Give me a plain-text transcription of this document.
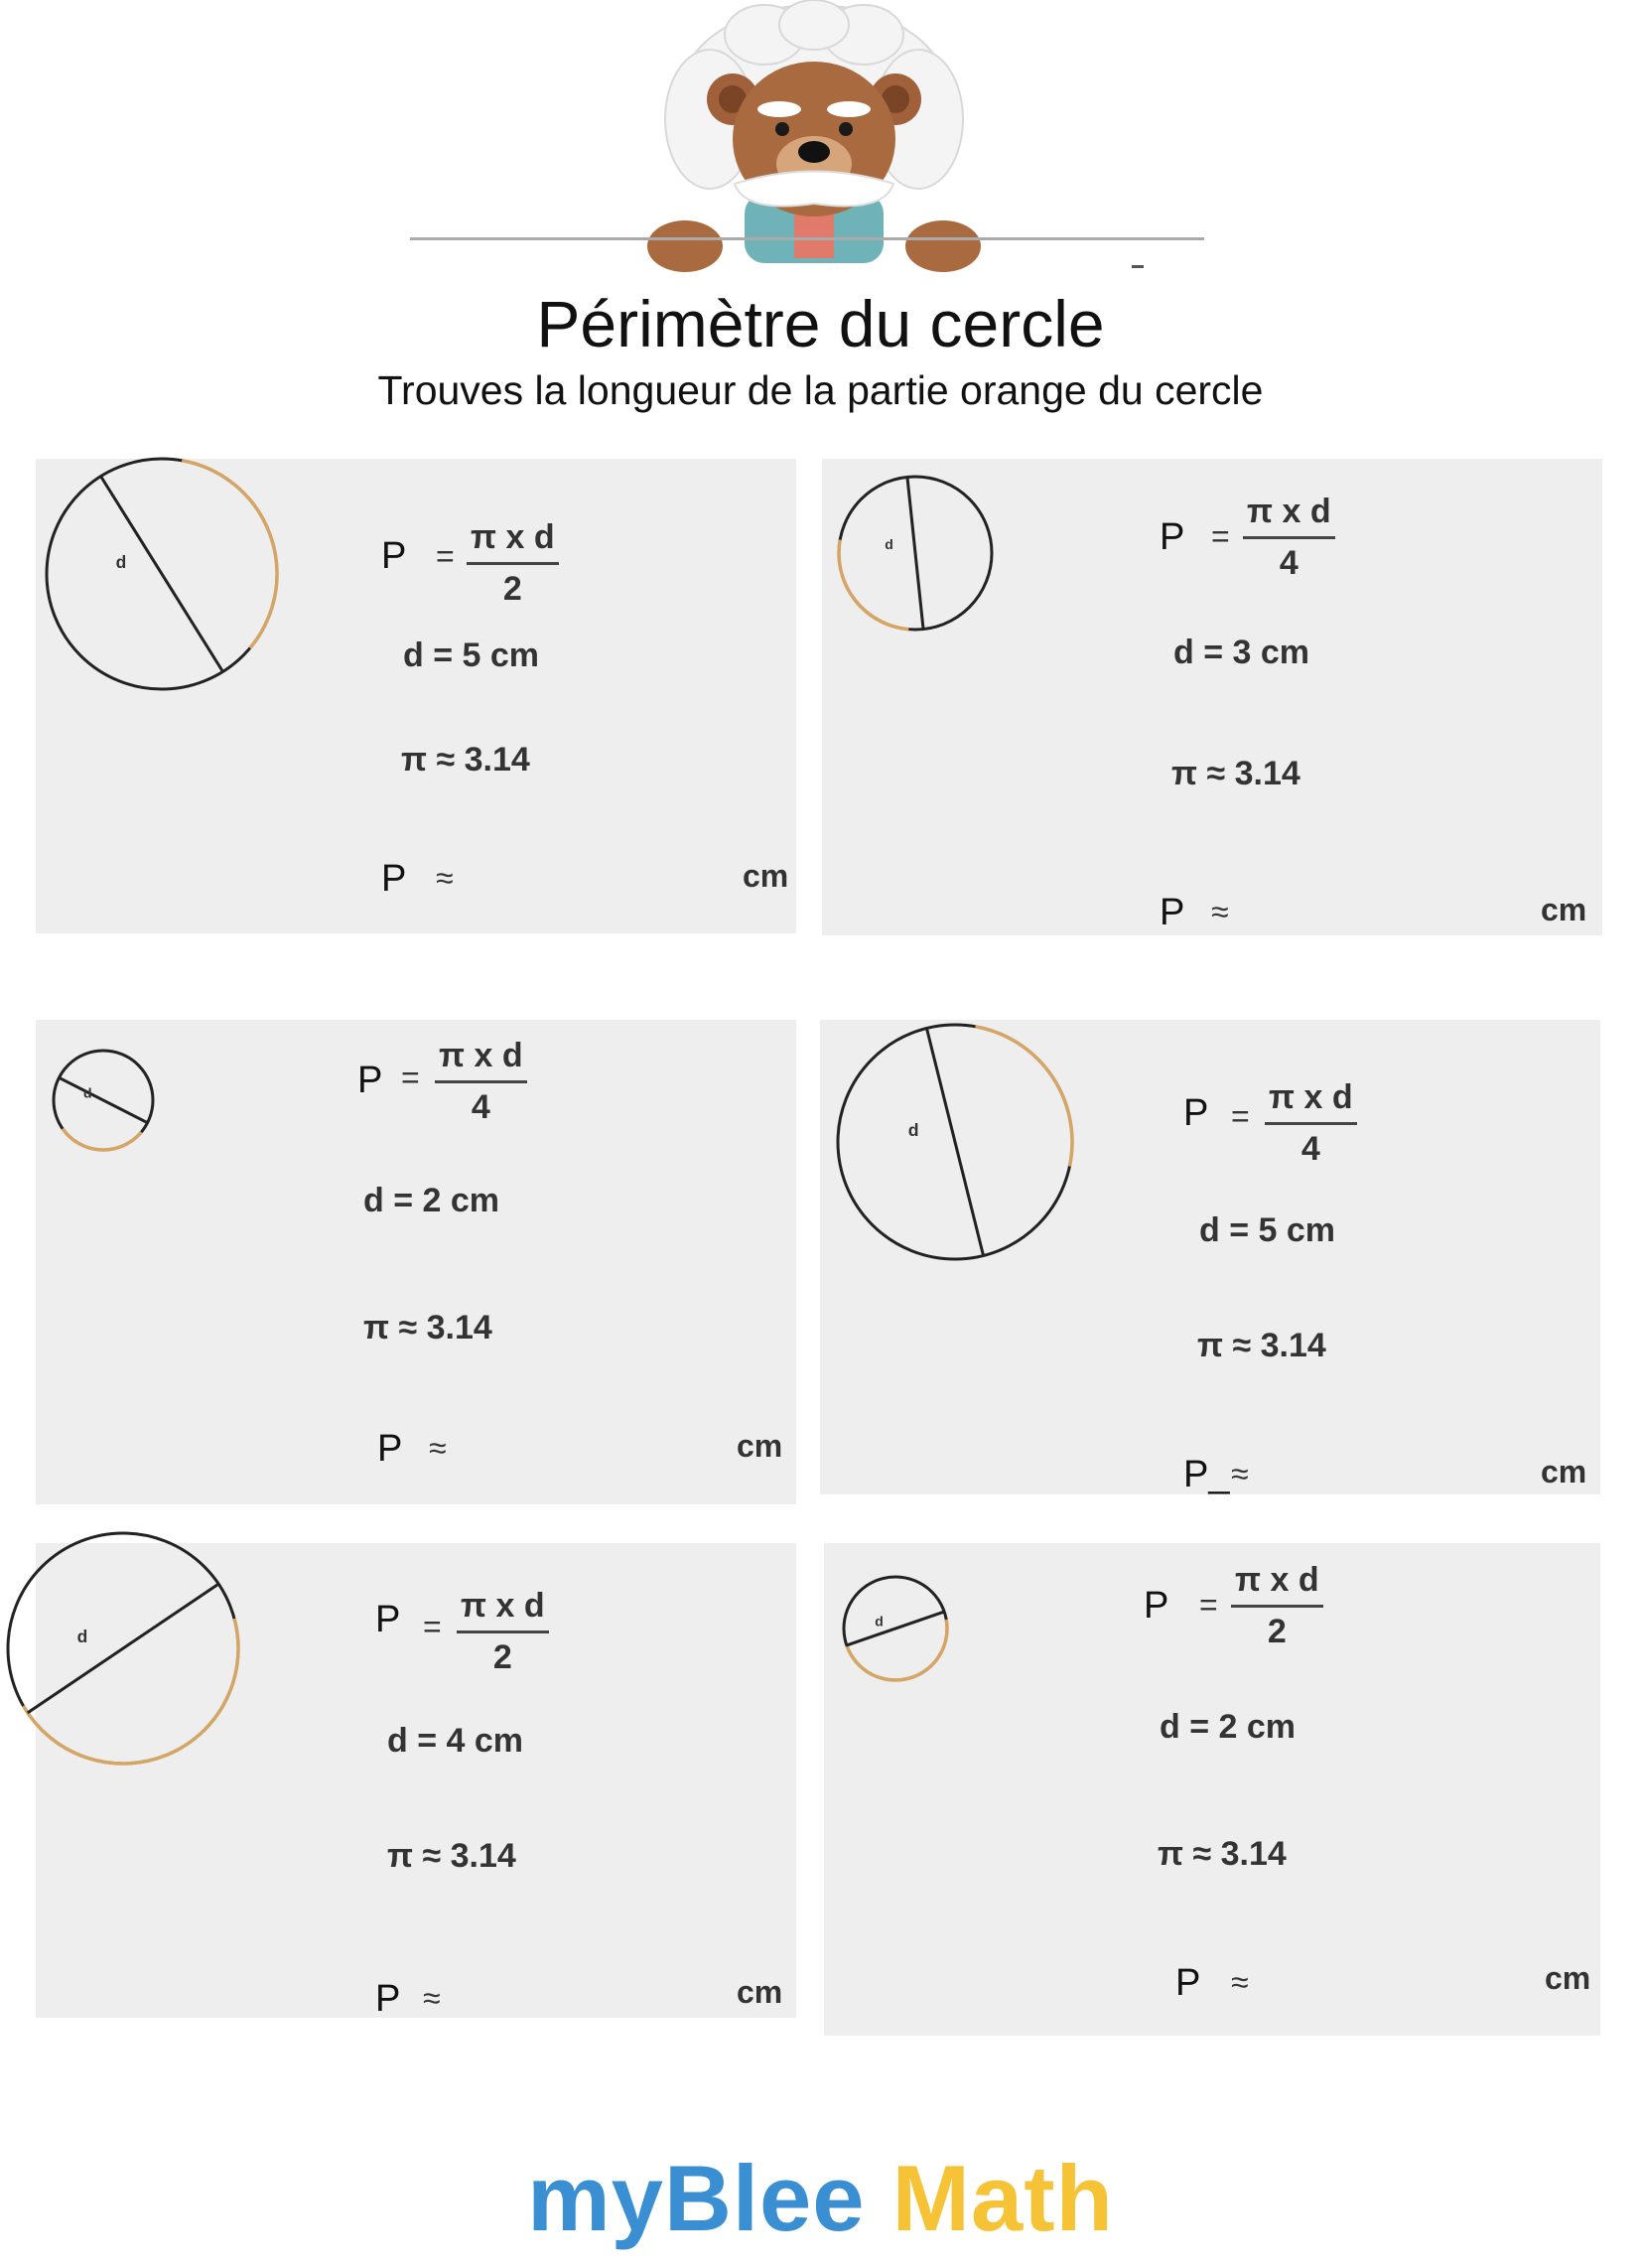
Périmètre du cercle
Trouves la longueur de la partie orange du cercle
d	P = π x d
2
d = 5 cm
π ≈ 3.14
P ≈	cm
d	P =
π x d
4
d = 3 cm
π ≈ 3.14
P ≈	cm
d	P =
π x d
4
d = 2 cm
π ≈ 3.14
P ≈	cm
d	P = π x d
4
d = 5 cm
π ≈ 3.14
P_ ≈	cm
d	P =
π x d
2
d = 4 cm
π ≈ 3.14
P ≈	cm
d	P =
π x d
2
d = 2 cm
π ≈ 3.14
P ≈	cm
myBlee Math
